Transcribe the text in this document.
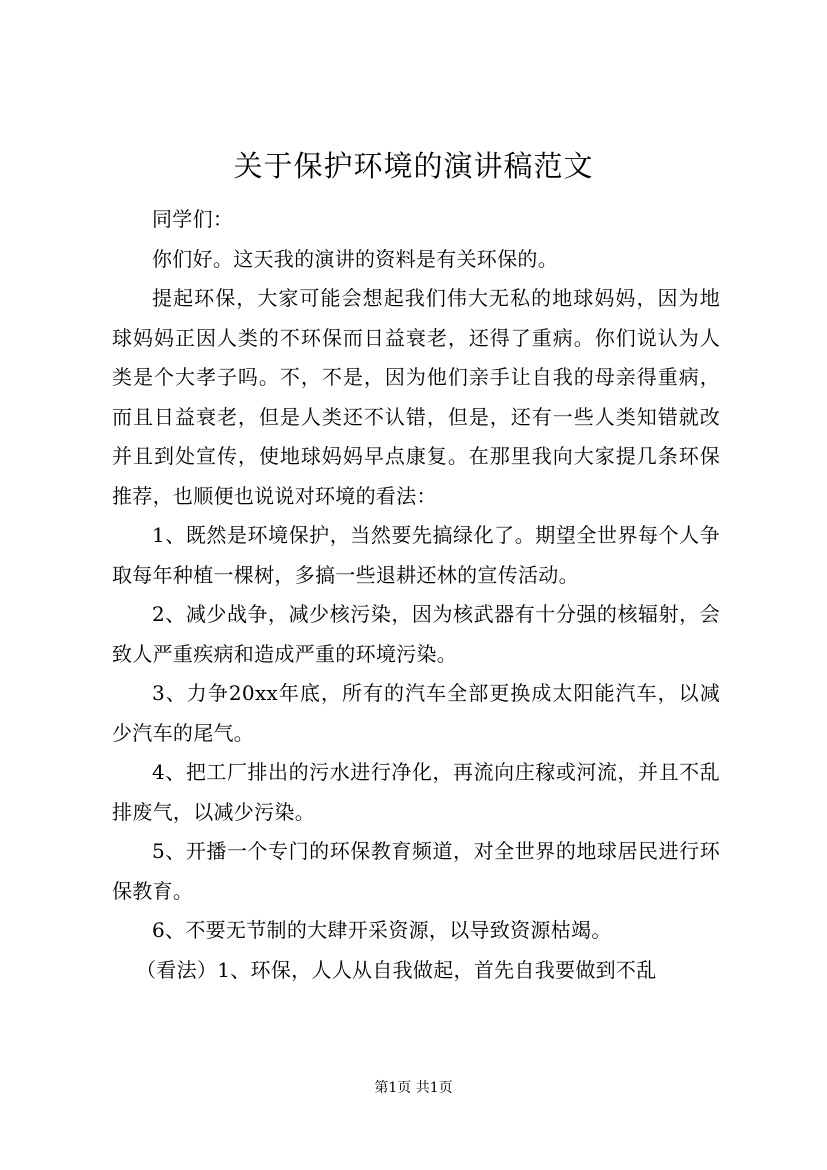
关于保护环境的演讲稿范文

同学们：

你们好。这天我的演讲的资料是有关环保的。

提起环保，大家可能会想起我们伟大无私的地球妈妈，因为地球妈妈正因人类的不环保而日益衰老，还得了重病。你们说认为人类是个大孝子吗。不，不是，因为他们亲手让自我的母亲得重病，而且日益衰老，但是人类还不认错，但是，还有一些人类知错就改并且到处宣传，使地球妈妈早点康复。在那里我向大家提几条环保推荐，也顺便也说说对环境的看法：

1、既然是环境保护，当然要先搞绿化了。期望全世界每个人争取每年种植一棵树，多搞一些退耕还林的宣传活动。

2、减少战争，减少核污染，因为核武器有十分强的核辐射，会致人严重疾病和造成严重的环境污染。

3、力争20xx年底，所有的汽车全部更换成太阳能汽车，以减少汽车的尾气。

4、把工厂排出的污水进行净化，再流向庄稼或河流，并且不乱排废气，以减少污染。

5、开播一个专门的环保教育频道，对全世界的地球居民进行环保教育。

6、不要无节制的大肆开采资源，以导致资源枯竭。

（看法）1、环保，人人从自我做起，首先自我要做到不乱

第1页 共1页
